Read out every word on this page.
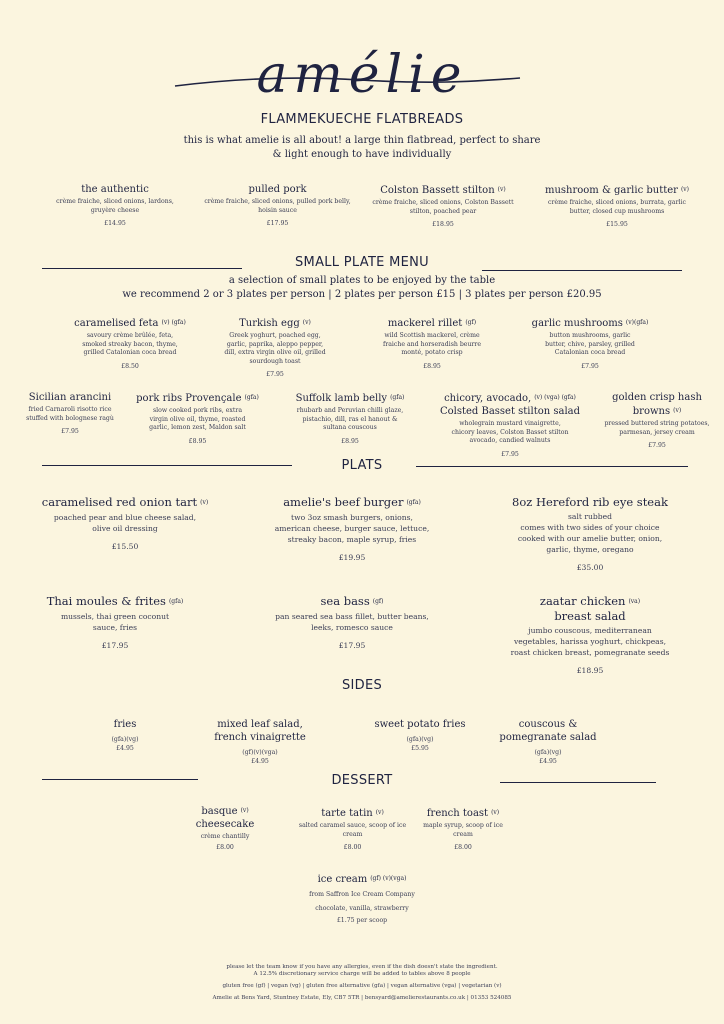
amélie
FLAMMEKUECHE FLATBREADS
this is what amelie is all about! a large thin flatbread, perfect to share
& light enough to have individually
the authentic
crème fraiche, sliced onions, lardons,
gruyère cheese
£14.95
pulled pork
crème fraiche, sliced onions, pulled pork belly,
hoisin sauce
£17.95
Colston Bassett stilton $^{(v)}$
crème fraiche, sliced onions, Colston Bassett
stilton, poached pear
£18.95
mushroom & garlic butter $^{(v)}$
crème fraiche, sliced onions, burrata, garlic
butter, closed cup mushrooms
£15.95
SMALL PLATE MENU
a selection of small plates to be enjoyed by the table
we recommend 2 or 3 plates per person | 2 plates per person £15 | 3 plates per person £20.95
caramelised feta $^{(v) (gfa)}$
savoury crème brûlée, feta,
smoked streaky bacon, thyme,
grilled Catalonian coca bread
£8.50
Turkish egg $^{(v)}$
Greek yoghurt, poached egg,
garlic, paprika, aleppo pepper,
dill, extra virgin olive oil, grilled
sourdough toast
£7.95
mackerel rillet $^{(gf)}$
wild Scottish mackerel, crème
fraiche and horseradish beurre
monté, potato crisp
£8.95
garlic mushrooms $^{(v)(gfa)}$
button mushrooms, garlic
butter, chive, parsley, grilled
Catalonian coca bread
£7.95
Sicilian arancini
fried Carnaroli risotto rice
stuffed with bolognese ragù
£7.95
pork ribs Provençale $^{(gfa)}$
slow cooked pork ribs, extra
virgin olive oil, thyme, roasted
garlic, lemon zest, Maldon salt
£8.95
Suffolk lamb belly $^{(gfa)}$
rhubarb and Peruvian chilli glaze,
pistachio, dill, ras el hanout &
sultana couscous
£8.95
chicory, avocado, $^{(v) (vga) (gfa)}$
Colsted Basset stilton salad
wholegrain mustard vinaigrette,
chicory leaves, Colston Basset stilton
avocado, candied walnuts
£7.95
golden crisp hash browns $^{(v)}$
pressed buttered string potatoes,
parmesan, jersey cream
£7.95
PLATS
caramelised red onion tart (v)
poached pear and blue cheese salad,
olive oil dressing
£15.50
amelie's beef burger (gfa)
two 3oz smash burgers, onions,
american cheese, burger sauce, lettuce,
streaky bacon, maple syrup, fries
£19.95
8oz Hereford rib eye steak
salt rubbed
comes with two sides of your choice
cooked with our amelie butter, onion,
garlic, thyme, oregano
£35.00
Thai moules & frites (gfa)
mussels, thai green coconut
sauce, fries
£17.95
sea bass (gf)
pan seared sea bass fillet, butter beans,
leeks, romesco sauce
£17.95
zaatar chicken (va)
breast salad
jumbo couscous, mediterranean
vegetables, harissa yoghurt, chickpeas,
roast chicken breast, pomegranate seeds
£18.95
SIDES
fries
(gfa)(vg)
£4.95
mixed leaf salad,
french vinaigrette
(gf)(v)(vga)
£4.95
sweet potato fries
(gfa)(vg)
£5.95
couscous &
pomegranate salad
(gfa)(vg)
£4.95
DESSERT
basque $^{(v)}$
cheesecake
crème chantilly
£8.00
tarte tatin $^{(v)}$
salted caramel sauce, scoop of ice
cream
£8.00
french toast $^{(v)}$
maple syrup, scoop of ice
cream
£8.00
ice cream $^{(gf) (v)(vga)}$
from Saffron Ice Cream Company
chocolate, vanilla, strawberry
£1.75 per scoop
please let the team know if you have any allergies, even if the dish doesn't state the ingredient.
A 12.5% discretionary service charge will be added to tables above 8 people
gluten free (gf) | vegan (vg) | gluten free alternative (gfa) | vegan alternative (vga) | vegetarian (v)
Amelie at Bens Yard, Stuntney Estate, Ely, CB7 5TR | bensyard@amelierestaurants.co.uk | 01353 524085
